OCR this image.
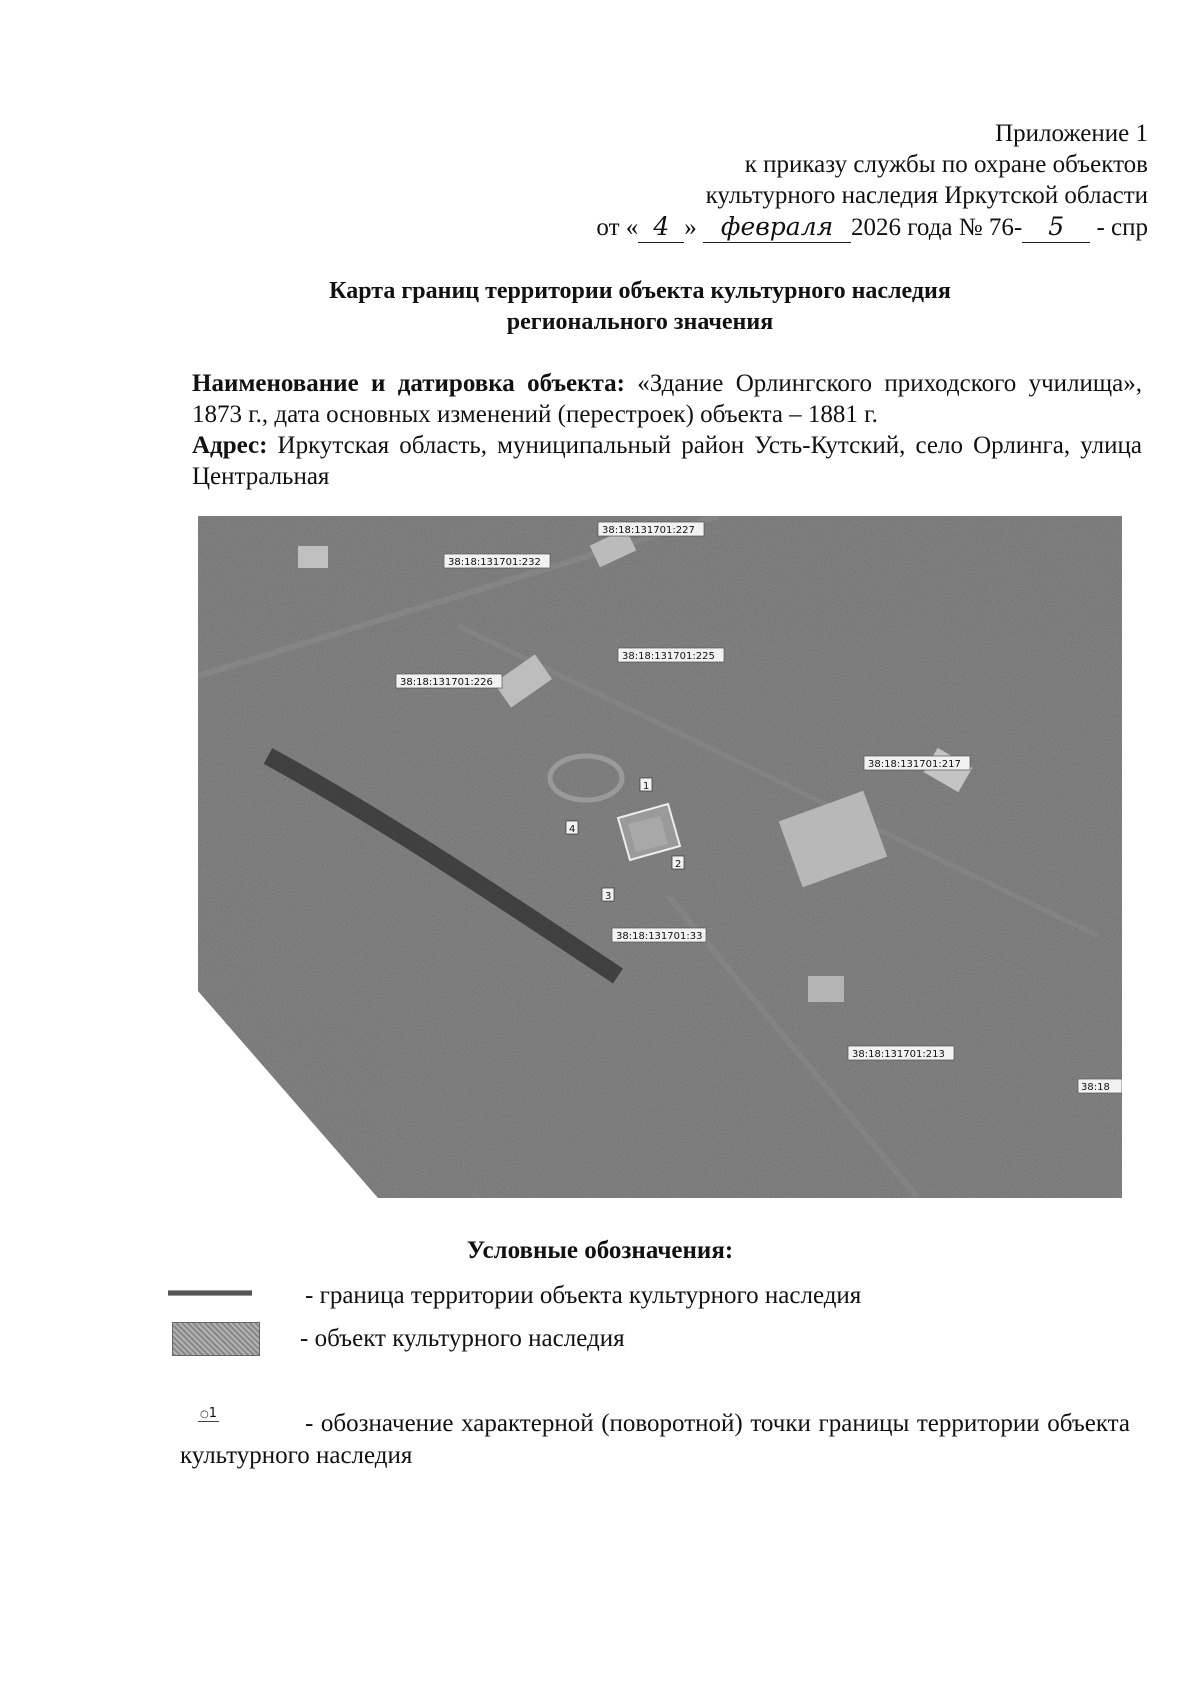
Приложение 1
к приказу службы по охране объектов
культурного наследия Иркутской области
от « 4 » февраля 2026 года № 76- 5 - спр
Карта границ территории объекта культурного наследия
регионального значения
Наименование и датировка объекта: «Здание Орлингского приходского училища», 1873 г., дата основных изменений (перестроек) объекта – 1881 г.
Адрес: Иркутская область, муниципальный район Усть-Кутский, село Орлинга, улица Центральная
38:18:131701:227
38:18:131701:232
38:18:131701:225
38:18:131701:226
38:18:131701:217
38:18:131701:33
38:18:131701:213
38:18
1
2
3
4
Условные обозначения:
- граница территории объекта культурного наследия
- объект культурного наследия
○1	- обозначение характерной (поворотной) точки границы территории объекта культурного наследия
